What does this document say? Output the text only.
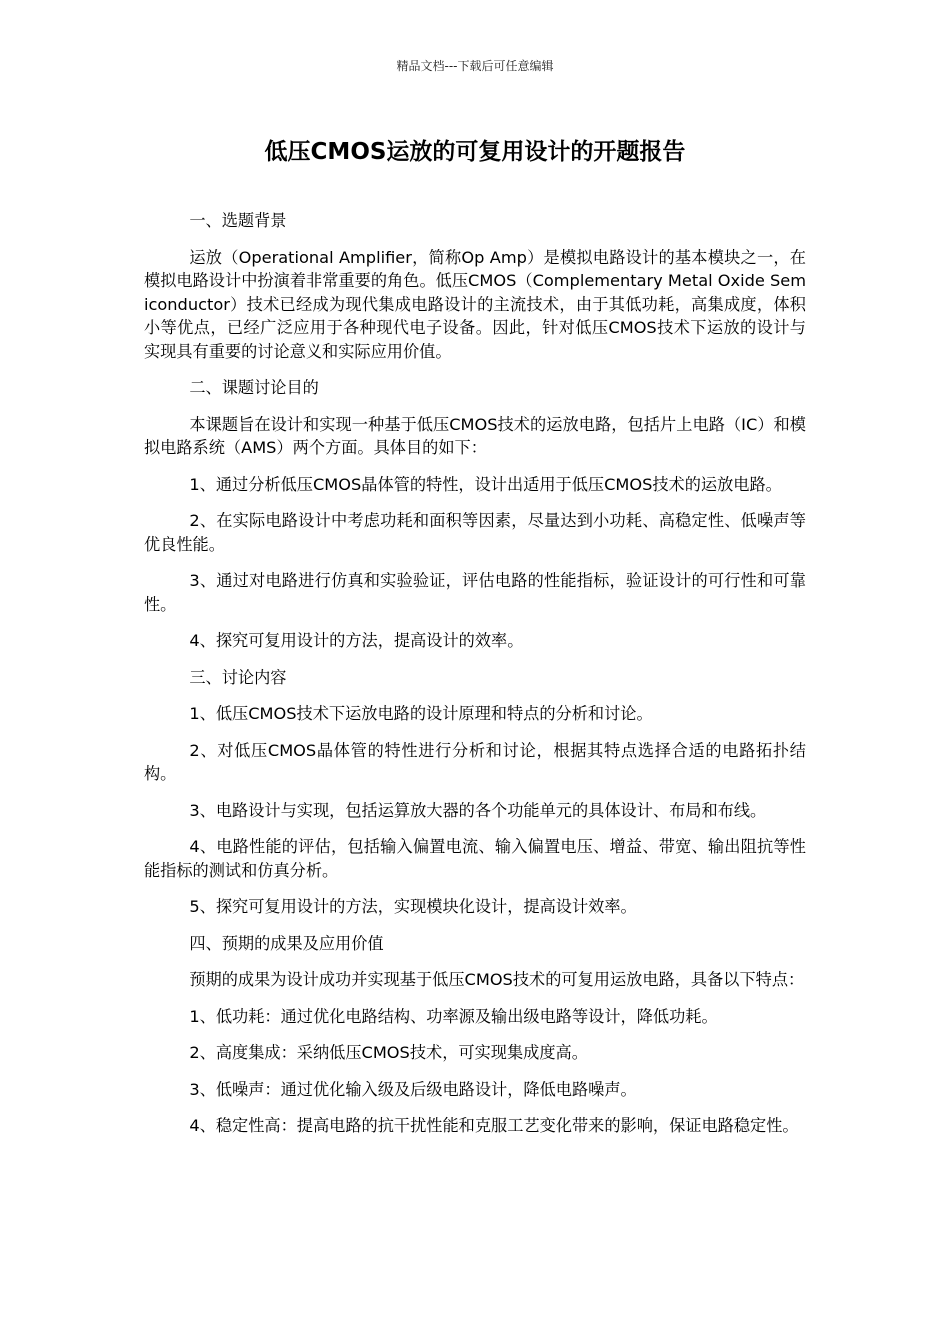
精品文档---下载后可任意编辑
低压CMOS运放的可复用设计的开题报告

一、选题背景

运放（Operational Amplifier，简称Op Amp）是模拟电路设计的基本模块之一，在模拟电路设计中扮演着非常重要的角色。低压CMOS（Complementary Metal Oxide Semiconductor）技术已经成为现代集成电路设计的主流技术，由于其低功耗，高集成度，体积小等优点，已经广泛应用于各种现代电子设备。因此，针对低压CMOS技术下运放的设计与实现具有重要的讨论意义和实际应用价值。

二、课题讨论目的

本课题旨在设计和实现一种基于低压CMOS技术的运放电路，包括片上电路（IC）和模拟电路系统（AMS）两个方面。具体目的如下：

1、通过分析低压CMOS晶体管的特性，设计出适用于低压CMOS技术的运放电路。

2、在实际电路设计中考虑功耗和面积等因素，尽量达到小功耗、高稳定性、低噪声等优良性能。

3、通过对电路进行仿真和实验验证，评估电路的性能指标，验证设计的可行性和可靠性。

4、探究可复用设计的方法，提高设计的效率。

三、讨论内容

1、低压CMOS技术下运放电路的设计原理和特点的分析和讨论。

2、对低压CMOS晶体管的特性进行分析和讨论，根据其特点选择合适的电路拓扑结构。

3、电路设计与实现，包括运算放大器的各个功能单元的具体设计、布局和布线。

4、电路性能的评估，包括输入偏置电流、输入偏置电压、增益、带宽、输出阻抗等性能指标的测试和仿真分析。

5、探究可复用设计的方法，实现模块化设计，提高设计效率。

四、预期的成果及应用价值

预期的成果为设计成功并实现基于低压CMOS技术的可复用运放电路，具备以下特点：

1、低功耗：通过优化电路结构、功率源及输出级电路等设计，降低功耗。

2、高度集成：采纳低压CMOS技术，可实现集成度高。

3、低噪声：通过优化输入级及后级电路设计，降低电路噪声。

4、稳定性高：提高电路的抗干扰性能和克服工艺变化带来的影响，保证电路稳定性。
